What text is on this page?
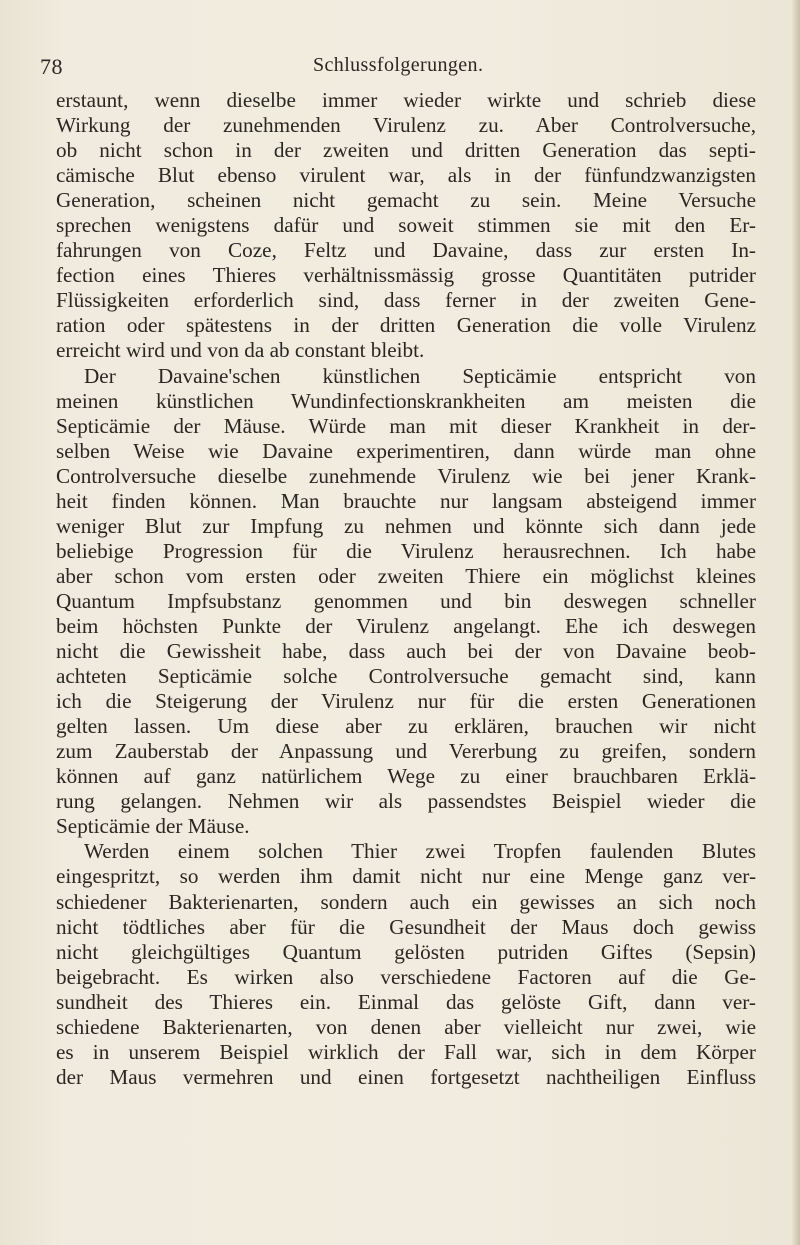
78	Schlussfolgerungen.
erstaunt, wenn dieselbe immer wieder wirkte und schrieb diese
Wirkung der zunehmenden Virulenz zu. Aber Controlversuche,
ob nicht schon in der zweiten und dritten Generation das septi-
cämische Blut ebenso virulent war, als in der fünfundzwanzigsten
Generation, scheinen nicht gemacht zu sein. Meine Versuche
sprechen wenigstens dafür und soweit stimmen sie mit den Er-
fahrungen von Coze, Feltz und Davaine, dass zur ersten In-
fection eines Thieres verhältnissmässig grosse Quantitäten putrider
Flüssigkeiten erforderlich sind, dass ferner in der zweiten Gene-
ration oder spätestens in der dritten Generation die volle Virulenz
erreicht wird und von da ab constant bleibt.
Der Davaine'schen künstlichen Septicämie entspricht von
meinen künstlichen Wundinfectionskrankheiten am meisten die
Septicämie der Mäuse. Würde man mit dieser Krankheit in der-
selben Weise wie Davaine experimentiren, dann würde man ohne
Controlversuche dieselbe zunehmende Virulenz wie bei jener Krank-
heit finden können. Man brauchte nur langsam absteigend immer
weniger Blut zur Impfung zu nehmen und könnte sich dann jede
beliebige Progression für die Virulenz herausrechnen. Ich habe
aber schon vom ersten oder zweiten Thiere ein möglichst kleines
Quantum Impfsubstanz genommen und bin deswegen schneller
beim höchsten Punkte der Virulenz angelangt. Ehe ich deswegen
nicht die Gewissheit habe, dass auch bei der von Davaine beob-
achteten Septicämie solche Controlversuche gemacht sind, kann
ich die Steigerung der Virulenz nur für die ersten Generationen
gelten lassen. Um diese aber zu erklären, brauchen wir nicht
zum Zauberstab der Anpassung und Vererbung zu greifen, sondern
können auf ganz natürlichem Wege zu einer brauchbaren Erklä-
rung gelangen. Nehmen wir als passendstes Beispiel wieder die
Septicämie der Mäuse.
Werden einem solchen Thier zwei Tropfen faulenden Blutes
eingespritzt, so werden ihm damit nicht nur eine Menge ganz ver-
schiedener Bakterienarten, sondern auch ein gewisses an sich noch
nicht tödtliches aber für die Gesundheit der Maus doch gewiss
nicht gleichgültiges Quantum gelösten putriden Giftes (Sepsin)
beigebracht. Es wirken also verschiedene Factoren auf die Ge-
sundheit des Thieres ein. Einmal das gelöste Gift, dann ver-
schiedene Bakterienarten, von denen aber vielleicht nur zwei, wie
es in unserem Beispiel wirklich der Fall war, sich in dem Körper
der Maus vermehren und einen fortgesetzt nachtheiligen Einfluss
